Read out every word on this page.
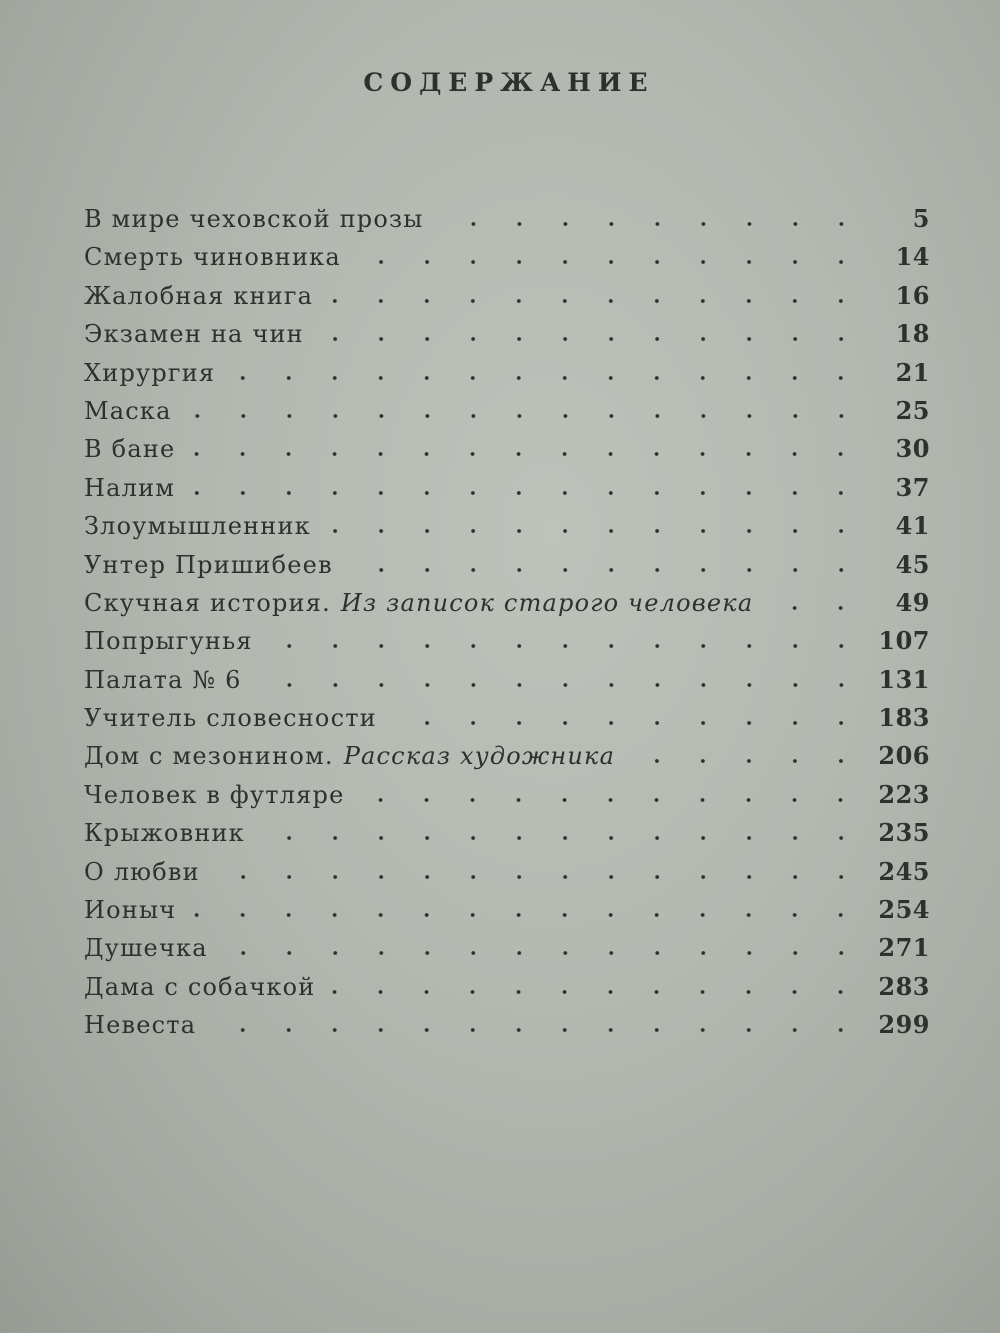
СОДЕРЖАНИЕ
В мире чеховской прозы	5
Смерть чиновника	14
Жалобная книга	16
Экзамен на чин	18
Хирургия	21
Маска	25
В бане	30
Налим	37
Злоумышленник	41
Унтер Пришибеев	45
Скучная история. Из записок старого человека	49
Попрыгунья	107
Палата № 6	131
Учитель словесности	183
Дом с мезонином. Рассказ художника	206
Человек в футляре	223
Крыжовник	235
О любви	245
Ионыч	254
Душечка	271
Дама с собачкой	283
Невеста	299
